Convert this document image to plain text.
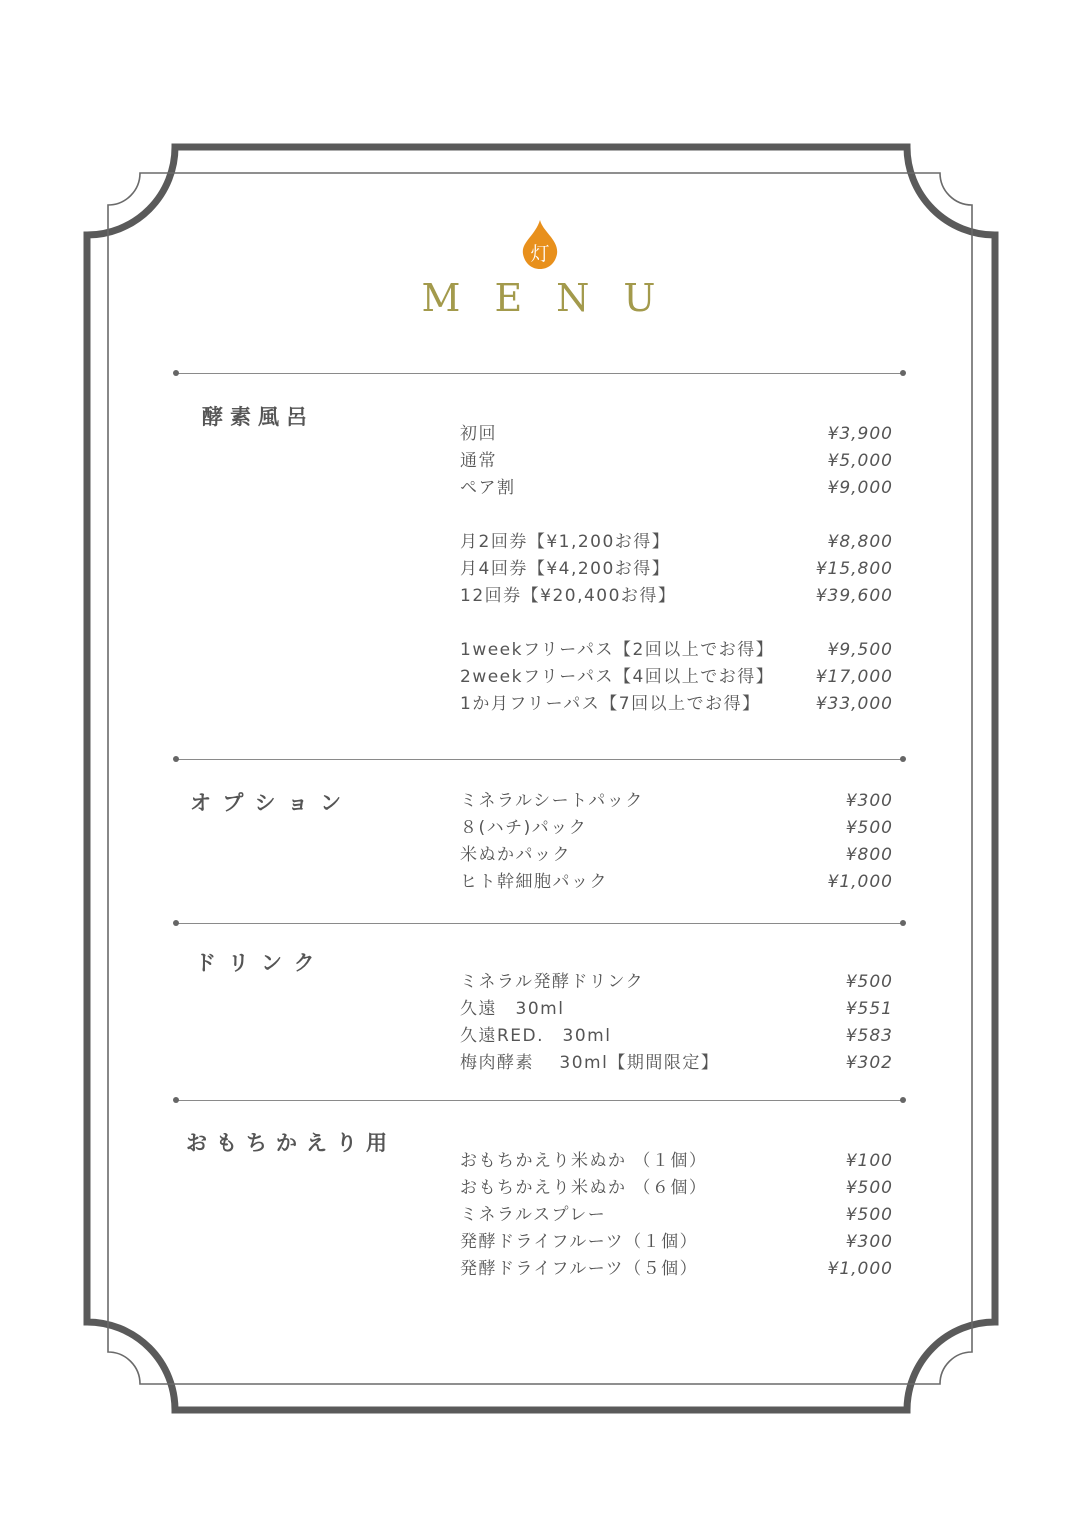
灯
MENU
酵素風呂
初回	¥3,900
通常	¥5,000
ペア割	¥9,000
月2回券【¥1,200お得】	¥8,800
月4回券【¥4,200お得】	¥15,800
12回券【¥20,400お得】	¥39,600
1weekフリーパス【2回以上でお得】	¥9,500
2weekフリーパス【4回以上でお得】 ¥17,000
1か月フリーパス【7回以上でお得】	¥33,000
オプション	ミネラルシートパック	¥300
８(ハチ)パック	¥500
米ぬかパック	¥800
ヒト幹細胞パック	¥1,000
ドリンク
ミネラル発酵ドリンク	¥500
久遠　30ml	¥551
久遠RED.　30ml	¥583
梅肉酵素　 30ml【期間限定】	¥302
おもちかえり用
おもちかえり米ぬか （１個）	¥100
おもちかえり米ぬか （６個）	¥500
ミネラルスプレー	¥500
発酵ドライフルーツ（１個）	¥300
発酵ドライフルーツ（５個）	¥1,000
